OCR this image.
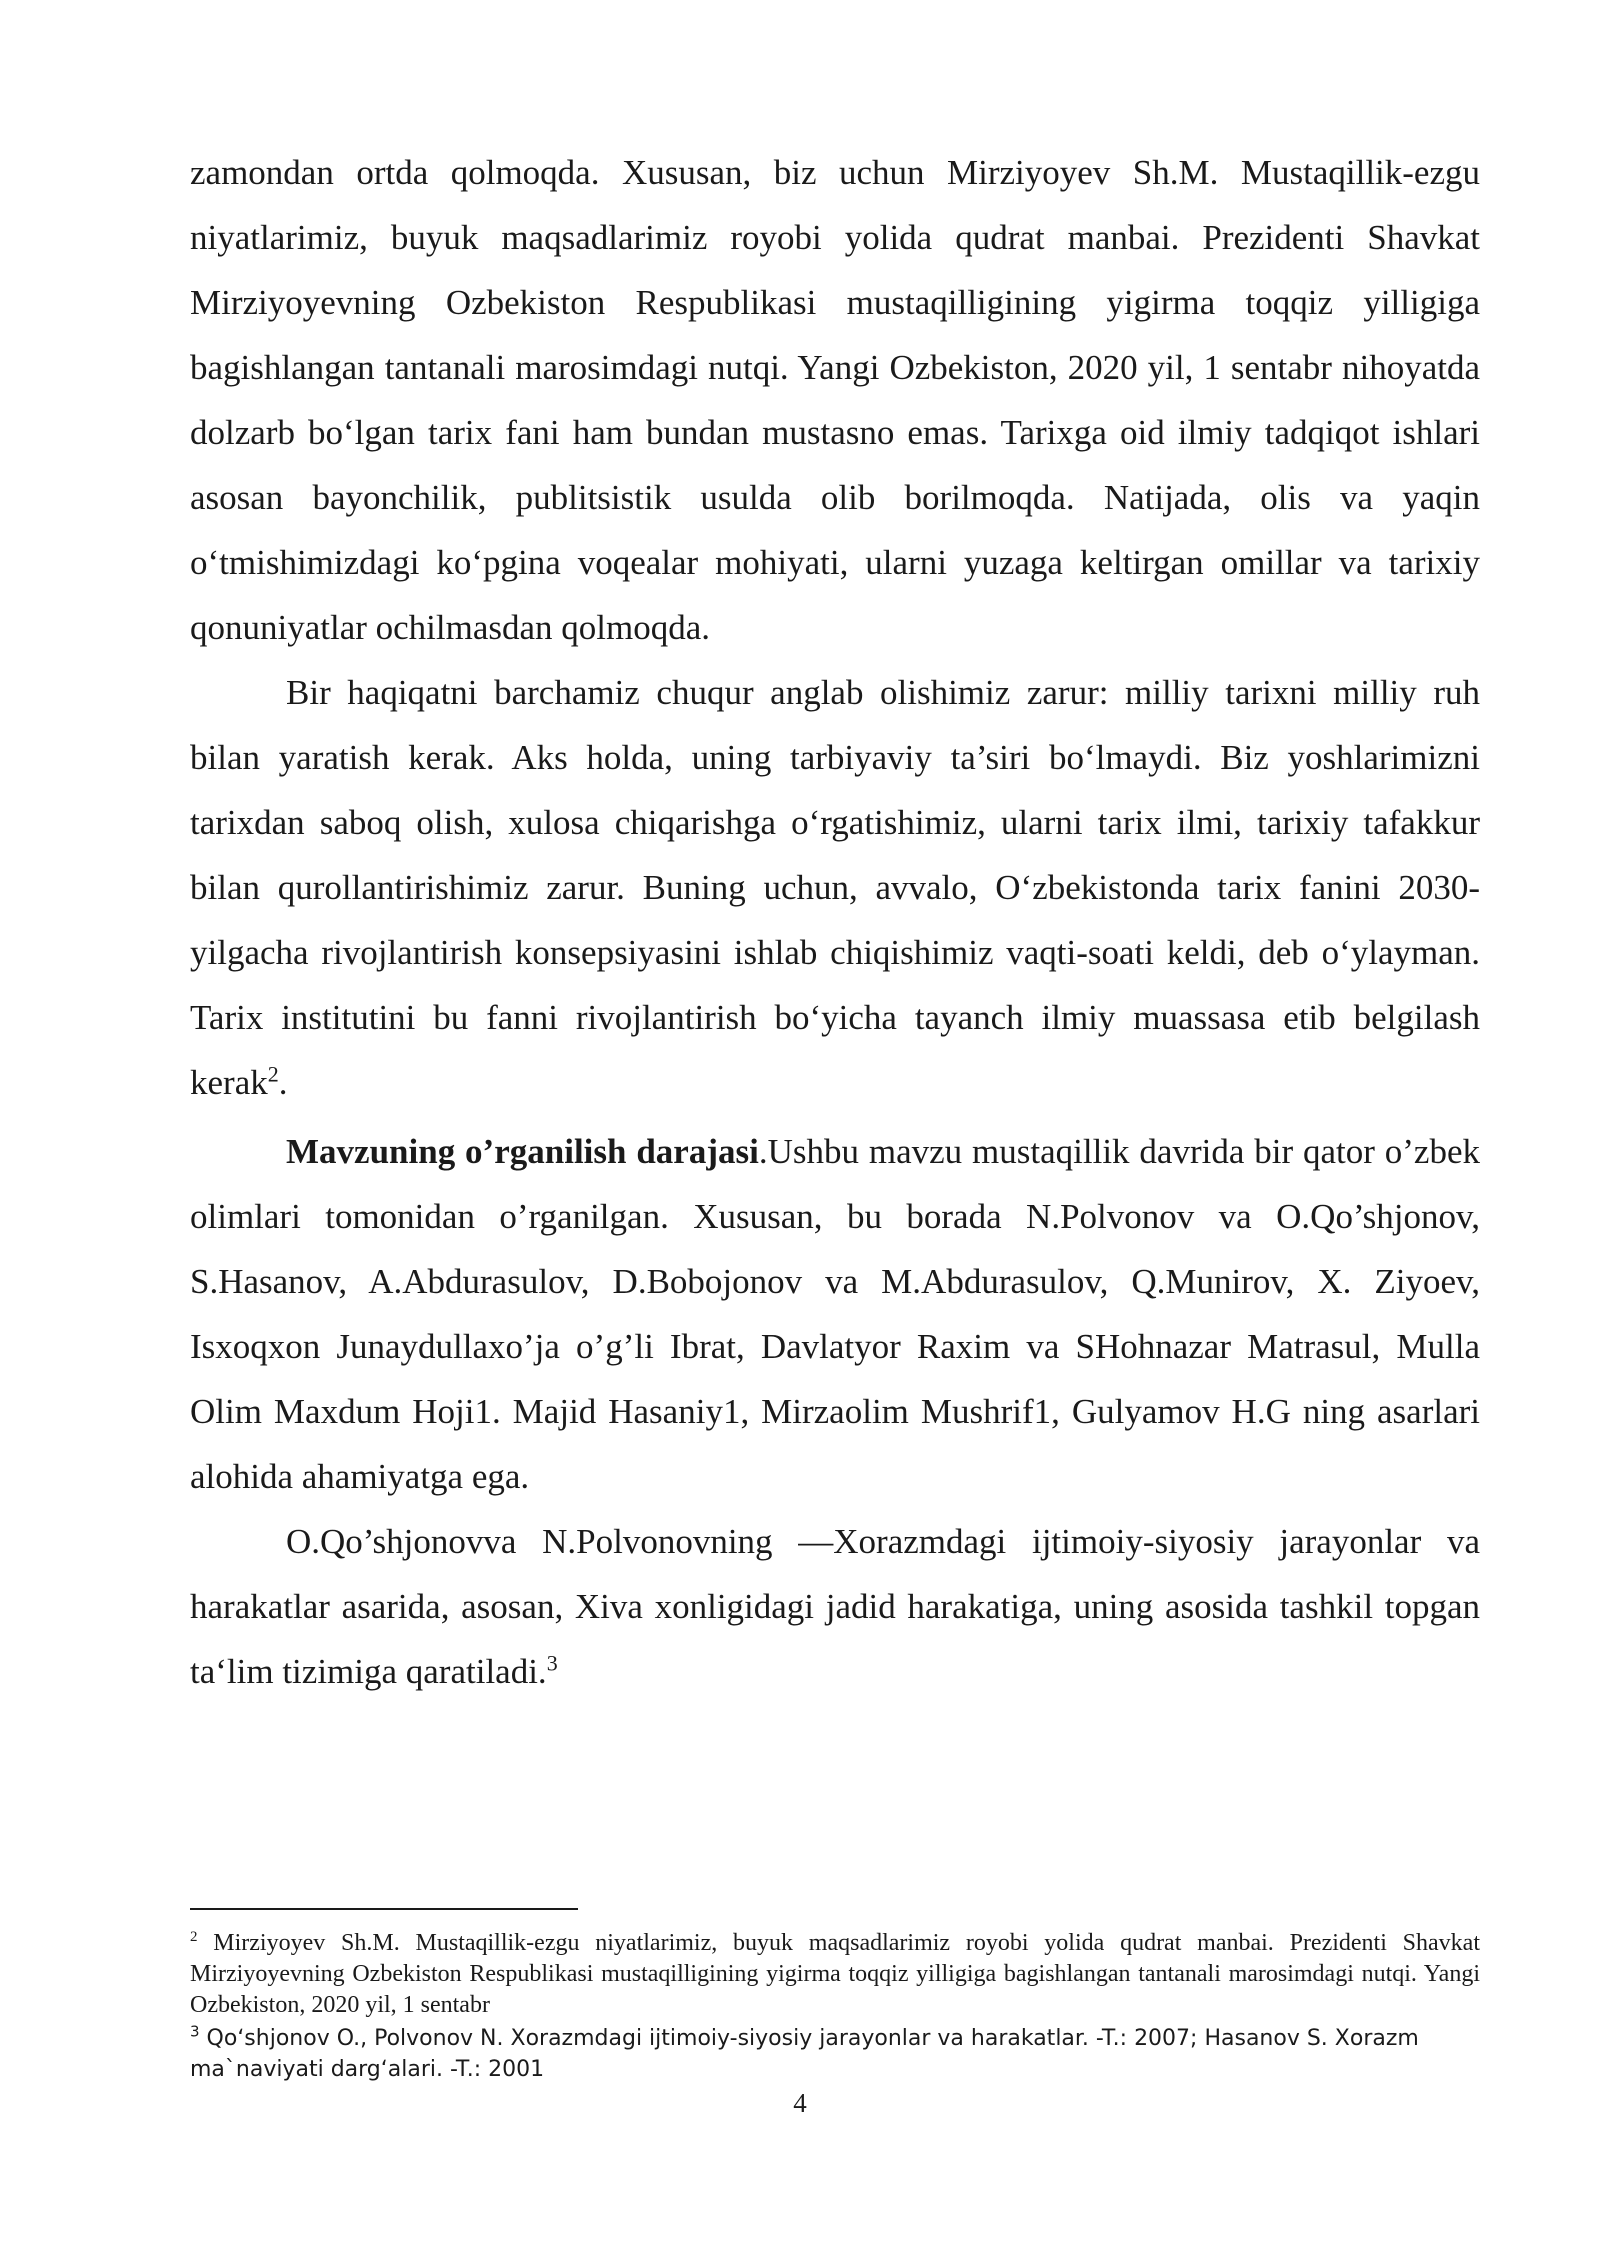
zamondan ortda qolmoqda. Xususan, biz uchun Mirziyoyev Sh.M. Mustaqillik-ezgu niyatlarimiz, buyuk maqsadlarimiz royobi yolida qudrat manbai. Prezidenti Shavkat Mirziyoyevning Ozbekiston Respublikasi mustaqilligining yigirma toqqiz yilligiga bagishlangan tantanali marosimdagi nutqi. Yangi Ozbekiston, 2020 yil, 1 sentabr nihoyatda dolzarb boʻlgan tarix fani ham bundan mustasno emas. Tarixga oid ilmiy tadqiqot ishlari asosan bayonchilik, publitsistik usulda olib borilmoqda. Natijada, olis va yaqin oʻtmishimizdagi koʻpgina voqealar mohiyati, ularni yuzaga keltirgan omillar va tarixiy qonuniyatlar ochilmasdan qolmoqda.

Bir haqiqatni barchamiz chuqur anglab olishimiz zarur: milliy tarixni milliy ruh bilan yaratish kerak. Aks holda, uning tarbiyaviy ta’siri boʻlmaydi. Biz yoshlarimizni tarixdan saboq olish, xulosa chiqarishga oʻrgatishimiz, ularni tarix ilmi, tarixiy tafakkur bilan qurollantirishimiz zarur. Buning uchun, avvalo, Oʻzbekistonda tarix fanini 2030-yilgacha rivojlantirish konsepsiyasini ishlab chiqishimiz vaqti-soati keldi, deb oʻylayman. Tarix institutini bu fanni rivojlantirish boʻyicha tayanch ilmiy muassasa etib belgilash kerak$^2$.

Mavzuning o’rganilish darajasi.Ushbu mavzu mustaqillik davrida bir qator o’zbek olimlari tomonidan o’rganilgan. Xususan, bu borada N.Polvonov va O.Qo’shjonov, S.Hasanov, A.Abdurasulov, D.Bobojonov va M.Abdurasulov, Q.Munirov, X. Ziyoev, Isxoqxon Junaydullaxo’ja o’g’li Ibrat, Davlatyor Raxim va SHohnazar Matrasul, Mulla Olim Maxdum Hoji1. Majid Hasaniy1, Mirzaolim Mushrif1, Gulyamov H.G ning asarlari alohida ahamiyatga ega.

O.Qo’shjonovva N.Polvonovning —Xorazmdagi ijtimoiy-siyosiy jarayonlar va harakatlar asarida, asosan, Xiva xonligidagi jadid harakatiga, uning asosida tashkil topgan ta‘lim tizimiga qaratiladi.$^3$

$^2$ Mirziyoyev Sh.M. Mustaqillik-ezgu niyatlarimiz, buyuk maqsadlarimiz royobi yolida qudrat manbai. Prezidenti Shavkat Mirziyoyevning Ozbekiston Respublikasi mustaqilligining yigirma toqqiz yilligiga bagishlangan tantanali marosimdagi nutqi. Yangi Ozbekiston, 2020 yil, 1 sentabr

$^3$ Qoʻshjonov O., Polvonov N. Xorazmdagi ijtimoiy-siyosiy jarayonlar va harakatlar. -T.: 2007; Hasanov S. Xorazm ma`naviyati dargʻalari. -T.: 2001

4
